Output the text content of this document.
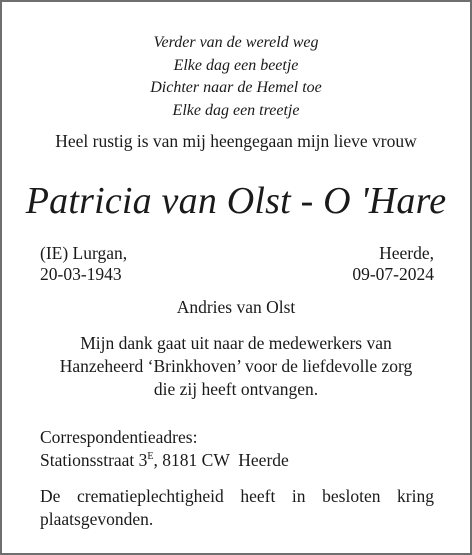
Verder van de wereld weg
Elke dag een beetje
Dichter naar de Hemel toe
Elke dag een treetje
Heel rustig is van mij heengegaan mijn lieve vrouw
Patricia van Olst - O 'Hare
(IE) Lurgan,
20-03-1943
Heerde,
09-07-2024
Andries van Olst
Mijn dank gaat uit naar de medewerkers van
Hanzeheerd ‘Brinkhoven’ voor de liefdevolle zorg
die zij heeft ontvangen.
Correspondentieadres:
Stationsstraat $3^E$, 8181 CW  Heerde
De crematieplechtigheid heeft in besloten kring
plaatsgevonden.
